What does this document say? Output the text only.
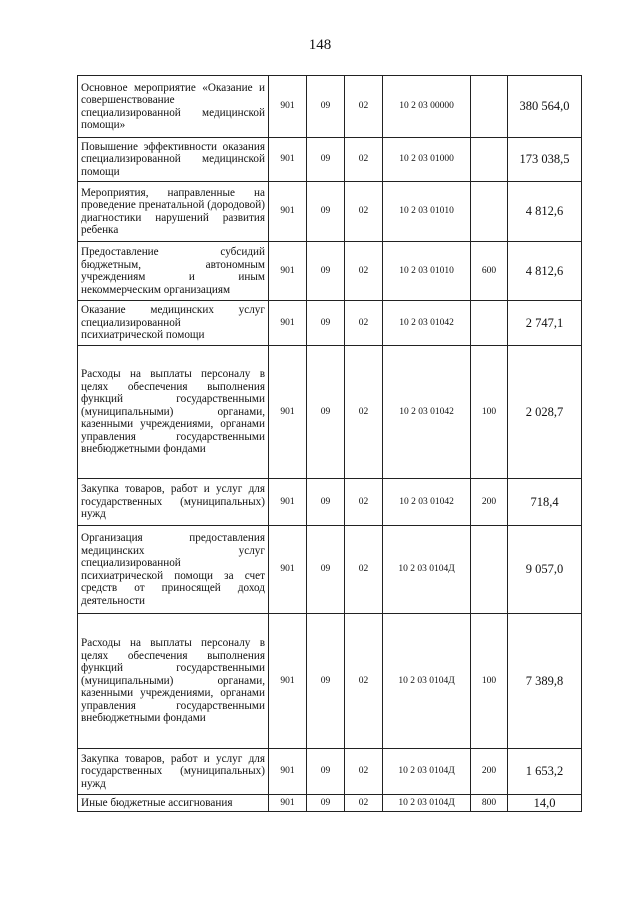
148
Основное мероприятие «Оказание и совершенствование специализированной медицинской помощи»	901	09	02	10 2 03 00000		380 564,0
Повышение эффективности оказания специализированной медицинской помощи	901	09	02	10 2 03 01000		173 038,5
Мероприятия, направленные на проведение пренатальной (дородовой) диагностики нарушений развития ребенка	901	09	02	10 2 03 01010		4 812,6
Предоставление субсидий бюджетным, автономным учреждениям и иным некоммерческим организациям	901	09	02	10 2 03 01010	600	4 812,6
Оказание медицинских услуг специализированной психиатрической помощи	901	09	02	10 2 03 01042		2 747,1
Расходы на выплаты персоналу в целях обеспечения выполнения функций государственными (муниципальными) органами, казенными учреждениями, органами управления государственными внебюджетными фондами	901	09	02	10 2 03 01042	100	2 028,7
Закупка товаров, работ и услуг для государственных (муниципальных) нужд	901	09	02	10 2 03 01042	200	718,4
Организация предоставления медицинских услуг специализированной психиатрической помощи за счет средств от приносящей доход деятельности	901	09	02	10 2 03 0104Д		9 057,0
Расходы на выплаты персоналу в целях обеспечения выполнения функций государственными (муниципальными) органами, казенными учреждениями, органами управления государственными внебюджетными фондами	901	09	02	10 2 03 0104Д	100	7 389,8
Закупка товаров, работ и услуг для государственных (муниципальных) нужд	901	09	02	10 2 03 0104Д	200	1 653,2
Иные бюджетные ассигнования	901	09	02	10 2 03 0104Д	800	14,0
